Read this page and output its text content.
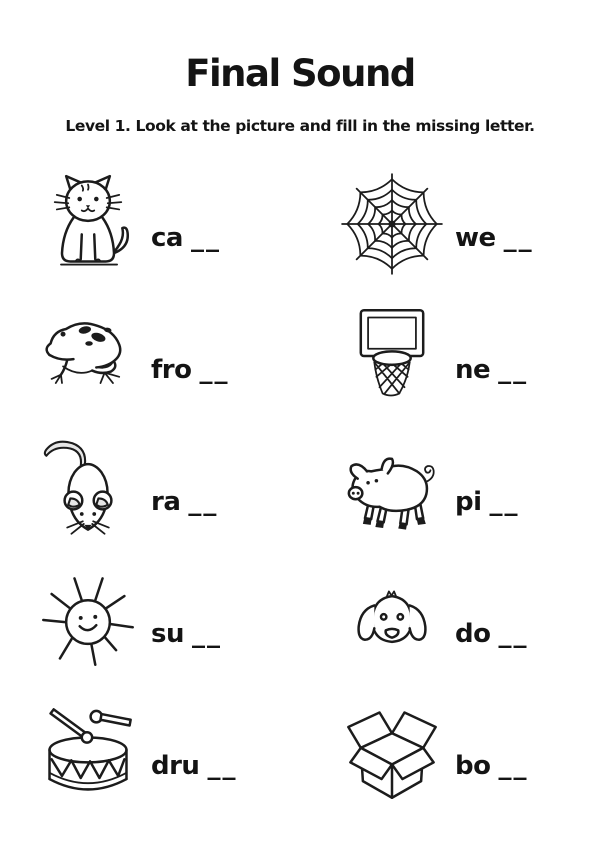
Final Sound
Level 1. Look at the picture and fill in the missing letter.
ca __	we __
fro __	ne __
ra __	pi __
su __	do __
dru __	bo __
